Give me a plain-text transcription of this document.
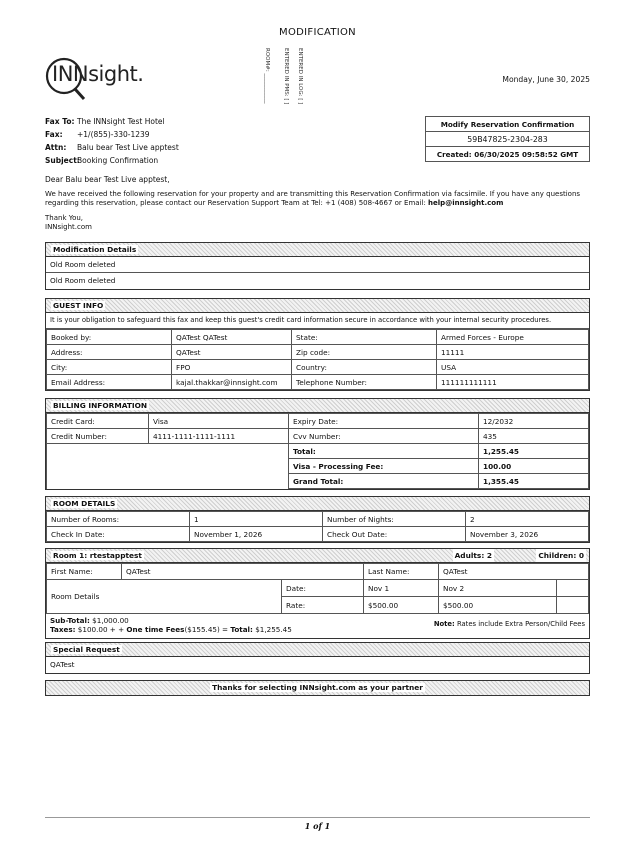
MODIFICATION
INNsight.	ROOM#: ___________ ENTERED IN PMS: [ ] ENTERED IN LOG: [ ]	Monday, June 30, 2025
Fax To: The INNsight Test Hotel
Fax: +1/(855)-330-1239
Attn: Balu bear Test Live apptest
Subject:Booking Confirmation
Modify Reservation Confirmation
59B47825-2304-283
Created: 06/30/2025 09:58:52 GMT
Dear Balu bear Test Live apptest,
We have received the following reservation for your property and are transmitting this Reservation Confirmation via facsimile. If you have any questions regarding this reservation, please contact our Reservation Support Team at Tel: +1 (408) 508-4667 or Email: help@innsight.com
Thank You,
INNsight.com
Modification Details
Old Room deleted
Old Room deleted
GUEST INFO
It is your obligation to safeguard this fax and keep this guest's credit card information secure in accordance with your internal security procedures.
Booked by:	QATest QATest	State:	Armed Forces - Europe
Address:	QATest	Zip code:	11111
City:	FPO	Country:	USA
Email Address:	kajal.thakkar@innsight.com	Telephone Number:	111111111111
BILLING INFORMATION
Credit Card:	Visa	Expiry Date:	12/2032
Credit Number:	4111-1111-1111-1111	Cvv Number:	435
		Total:	1,255.45
		Visa - Processing Fee:	100.00
		Grand Total:	1,355.45
ROOM DETAILS
Number of Rooms:	1	Number of Nights:	2
Check In Date:	November 1, 2026	Check Out Date:	November 3, 2026
Room 1: rtestapptest	Adults: 2	Children: 0
First Name:	QATest		Last Name:	QATest	
Room Details		Date:	Nov 1	Nov 2	
		Rate:	$500.00	$500.00	
Sub-Total: $1,000.00
Taxes: $100.00 + + One time Fees($155.45) = Total: $1,255.45
Note: Rates include Extra Person/Child Fees
Special Request
QATest
Thanks for selecting INNsight.com as your partner
1 of 1
